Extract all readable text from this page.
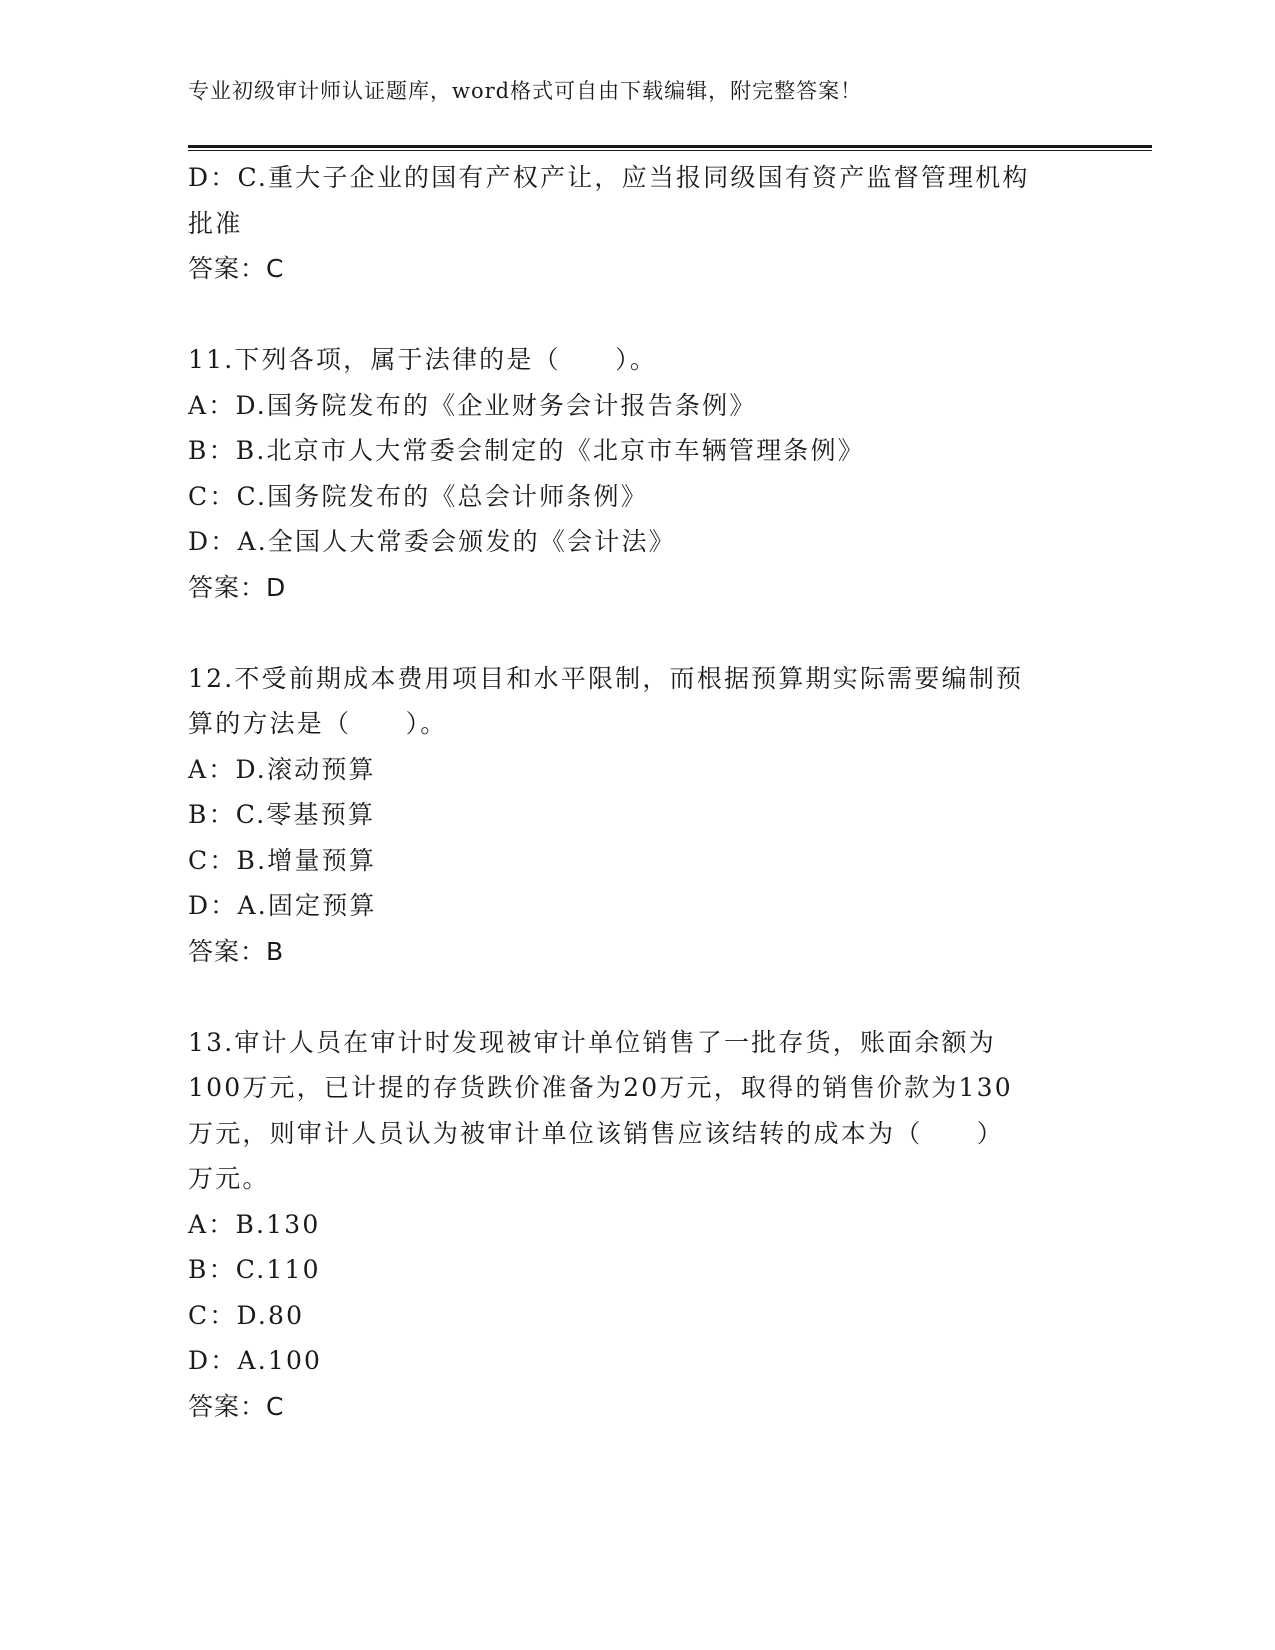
专业初级审计师认证题库，word格式可自由下载编辑，附完整答案！
D：C.重大子企业的国有产权产让，应当报同级国有资产监督管理机构
批准
答案：C
11.下列各项，属于法律的是（　　）。
A：D.国务院发布的《企业财务会计报告条例》
B：B.北京市人大常委会制定的《北京市车辆管理条例》
C：C.国务院发布的《总会计师条例》
D：A.全国人大常委会颁发的《会计法》
答案：D
12.不受前期成本费用项目和水平限制，而根据预算期实际需要编制预
算的方法是（　　）。
A：D.滚动预算
B：C.零基预算
C：B.增量预算
D：A.固定预算
答案：B
13.审计人员在审计时发现被审计单位销售了一批存货，账面余额为
100万元，已计提的存货跌价准备为20万元，取得的销售价款为130
万元，则审计人员认为被审计单位该销售应该结转的成本为（　　）
万元。
A：B.130
B：C.110
C：D.80
D：A.100
答案：C
